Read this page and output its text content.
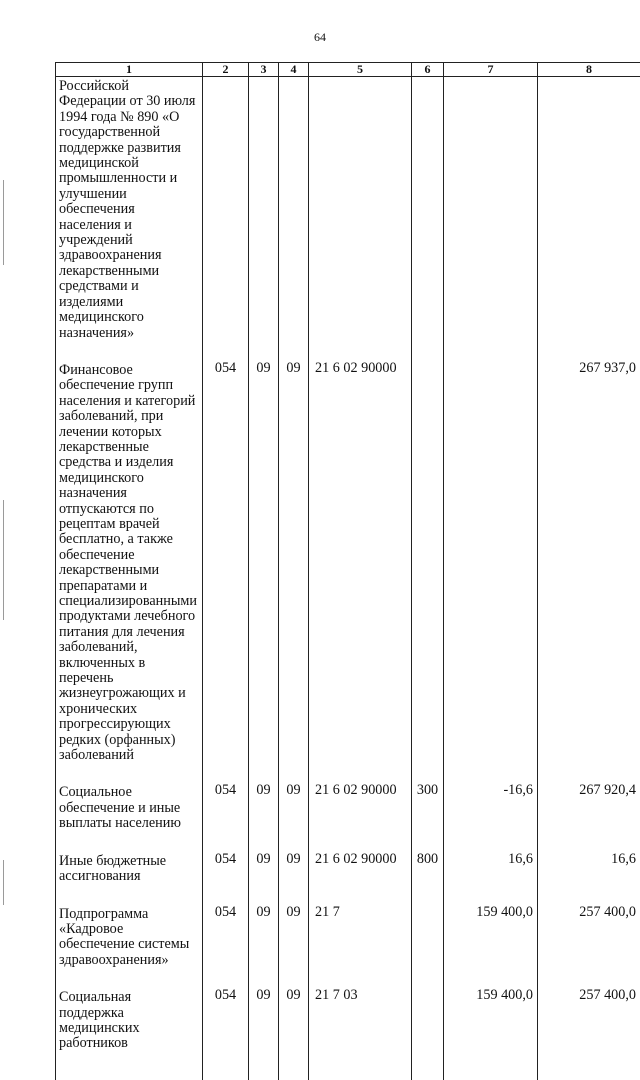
64
1	2	3	4	5	6	7	8

Российской Федерации от 30 июля 1994 года № 890 «О государственной поддержке развития медицинской промышленности и улучшении обеспечения населения и учреждений здравоохранения лекарственными средствами и изделиями медицинского назначения»							

Финансовое обеспечение групп населения и категорий заболеваний, при лечении которых лекарственные средства и изделия медицинского назначения отпускаются по рецептам врачей бесплатно, а также обеспечение лекарственными препаратами и специализированными продуктами лечебного питания для лечения заболеваний, включенных в перечень жизнеугрожающих и хронических прогрессирующих редких (орфанных) заболеваний	054	09	09	21 6 02 90000			267 937,0

Социальное обеспечение и иные выплаты населению	054	09	09	21 6 02 90000	300	-16,6	267 920,4

Иные бюджетные ассигнования	054	09	09	21 6 02 90000	800	16,6	16,6

Подпрограмма «Кадровое обеспечение системы здравоохранения»	054	09	09	21 7		159 400,0	257 400,0

Социальная поддержка медицинских работников	054	09	09	21 7 03		159 400,0	257 400,0
